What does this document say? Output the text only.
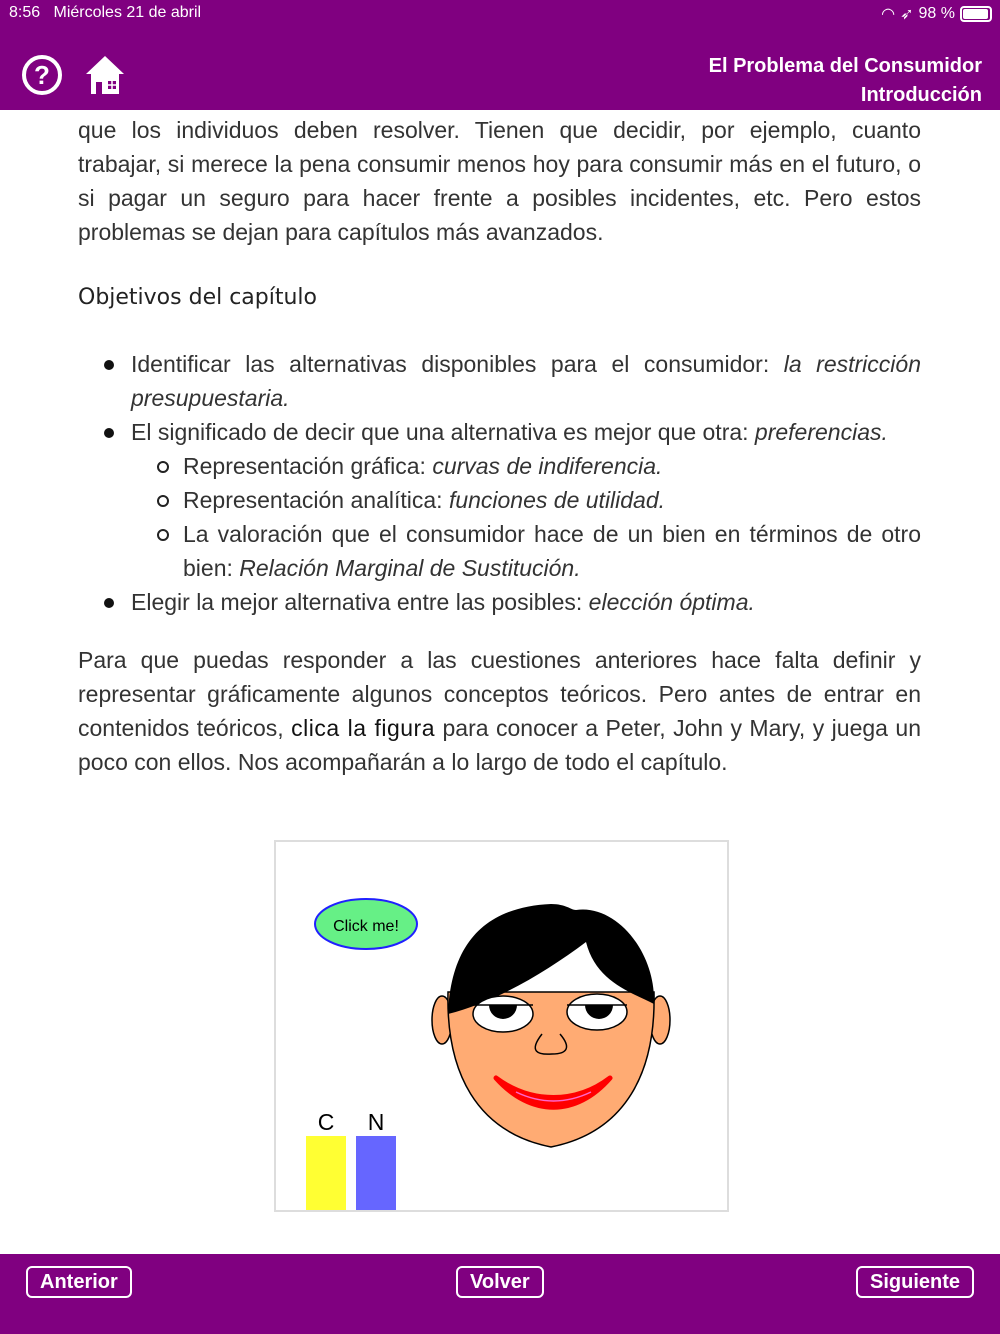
8:56 Miércoles 21 de abril	◠ ➶ 98 %
?	El Problema del Consumidor
Introducción

que los individuos deben resolver. Tienen que decidir, por ejemplo, cuanto trabajar, si merece la pena consumir menos hoy para consumir más en el futuro, o si pagar un seguro para hacer frente a posibles incidentes, etc. Pero estos problemas se dejan para capítulos más avanzados.

Objetivos del capítulo
Identificar las alternativas disponibles para el consumidor: la restricción presupuestaria.
El significado de decir que una alternativa es mejor que otra: preferencias.
Representación gráfica: curvas de indiferencia.
Representación analítica: funciones de utilidad.
La valoración que el consumidor hace de un bien en términos de otro bien: Relación Marginal de Sustitución.
Elegir la mejor alternativa entre las posibles: elección óptima.

Para que puedas responder a las cuestiones anteriores hace falta definir y representar gráficamente algunos conceptos teóricos. Pero antes de entrar en contenidos teóricos, clica la figura para conocer a Peter, John y Mary, y juega un poco con ellos. Nos acompañarán a lo largo de todo el capítulo.

Click me!
C N
Anterior	Volver	Siguiente
